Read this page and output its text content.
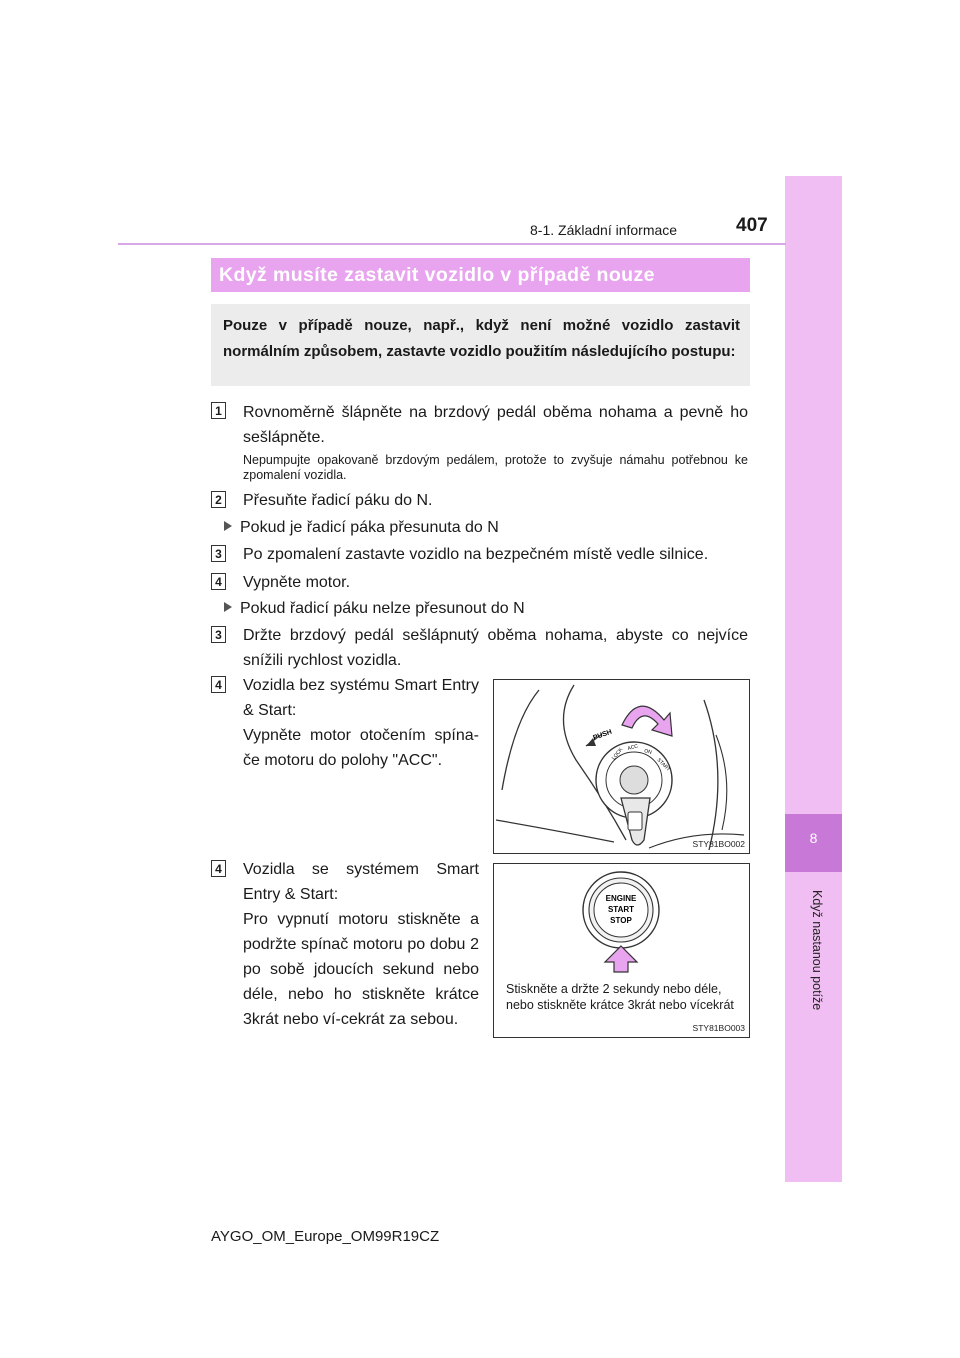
8
Když nastanou potíže
8-1. Základní informace	407
Když musíte zastavit vozidlo v případě nouze
Pouze v případě nouze, např., když není možné vozidlo zastavit normálním způsobem, zastavte vozidlo použitím následujícího postupu:
1 Rovnoměrně šlápněte na brzdový pedál oběma nohama a pevně ho sešlápněte.
Nepumpujte opakovaně brzdovým pedálem, protože to zvyšuje námahu potřebnou ke zpomalení vozidla.
2 Přesuňte řadicí páku do N.
Pokud je řadicí páka přesunuta do N
3 Po zpomalení zastavte vozidlo na bezpečném místě vedle silnice.
4 Vypněte motor.
Pokud řadicí páku nelze přesunout do N
3 Držte brzdový pedál sešlápnutý oběma nohama, abyste co nejvíce snížili rychlost vozidla.
4 Vozidla bez systému Smart Entry & Start:
Vypněte motor otočením spína-če motoru do polohy "ACC".
PUSH
LOCK ACC
ON
START
STY81BO002
4 Vozidla se systémem Smart Entry & Start:
Pro vypnutí motoru stiskněte a podržte spínač motoru po dobu 2 po sobě jdoucích sekund nebo déle, nebo ho stiskněte krátce 3krát nebo ví-cekrát za sebou.
ENGINE
START
STOP
Stiskněte a držte 2 sekundy nebo déle, nebo stiskněte krátce 3krát nebo vícekrát
STY81BO003
AYGO_OM_Europe_OM99R19CZ
